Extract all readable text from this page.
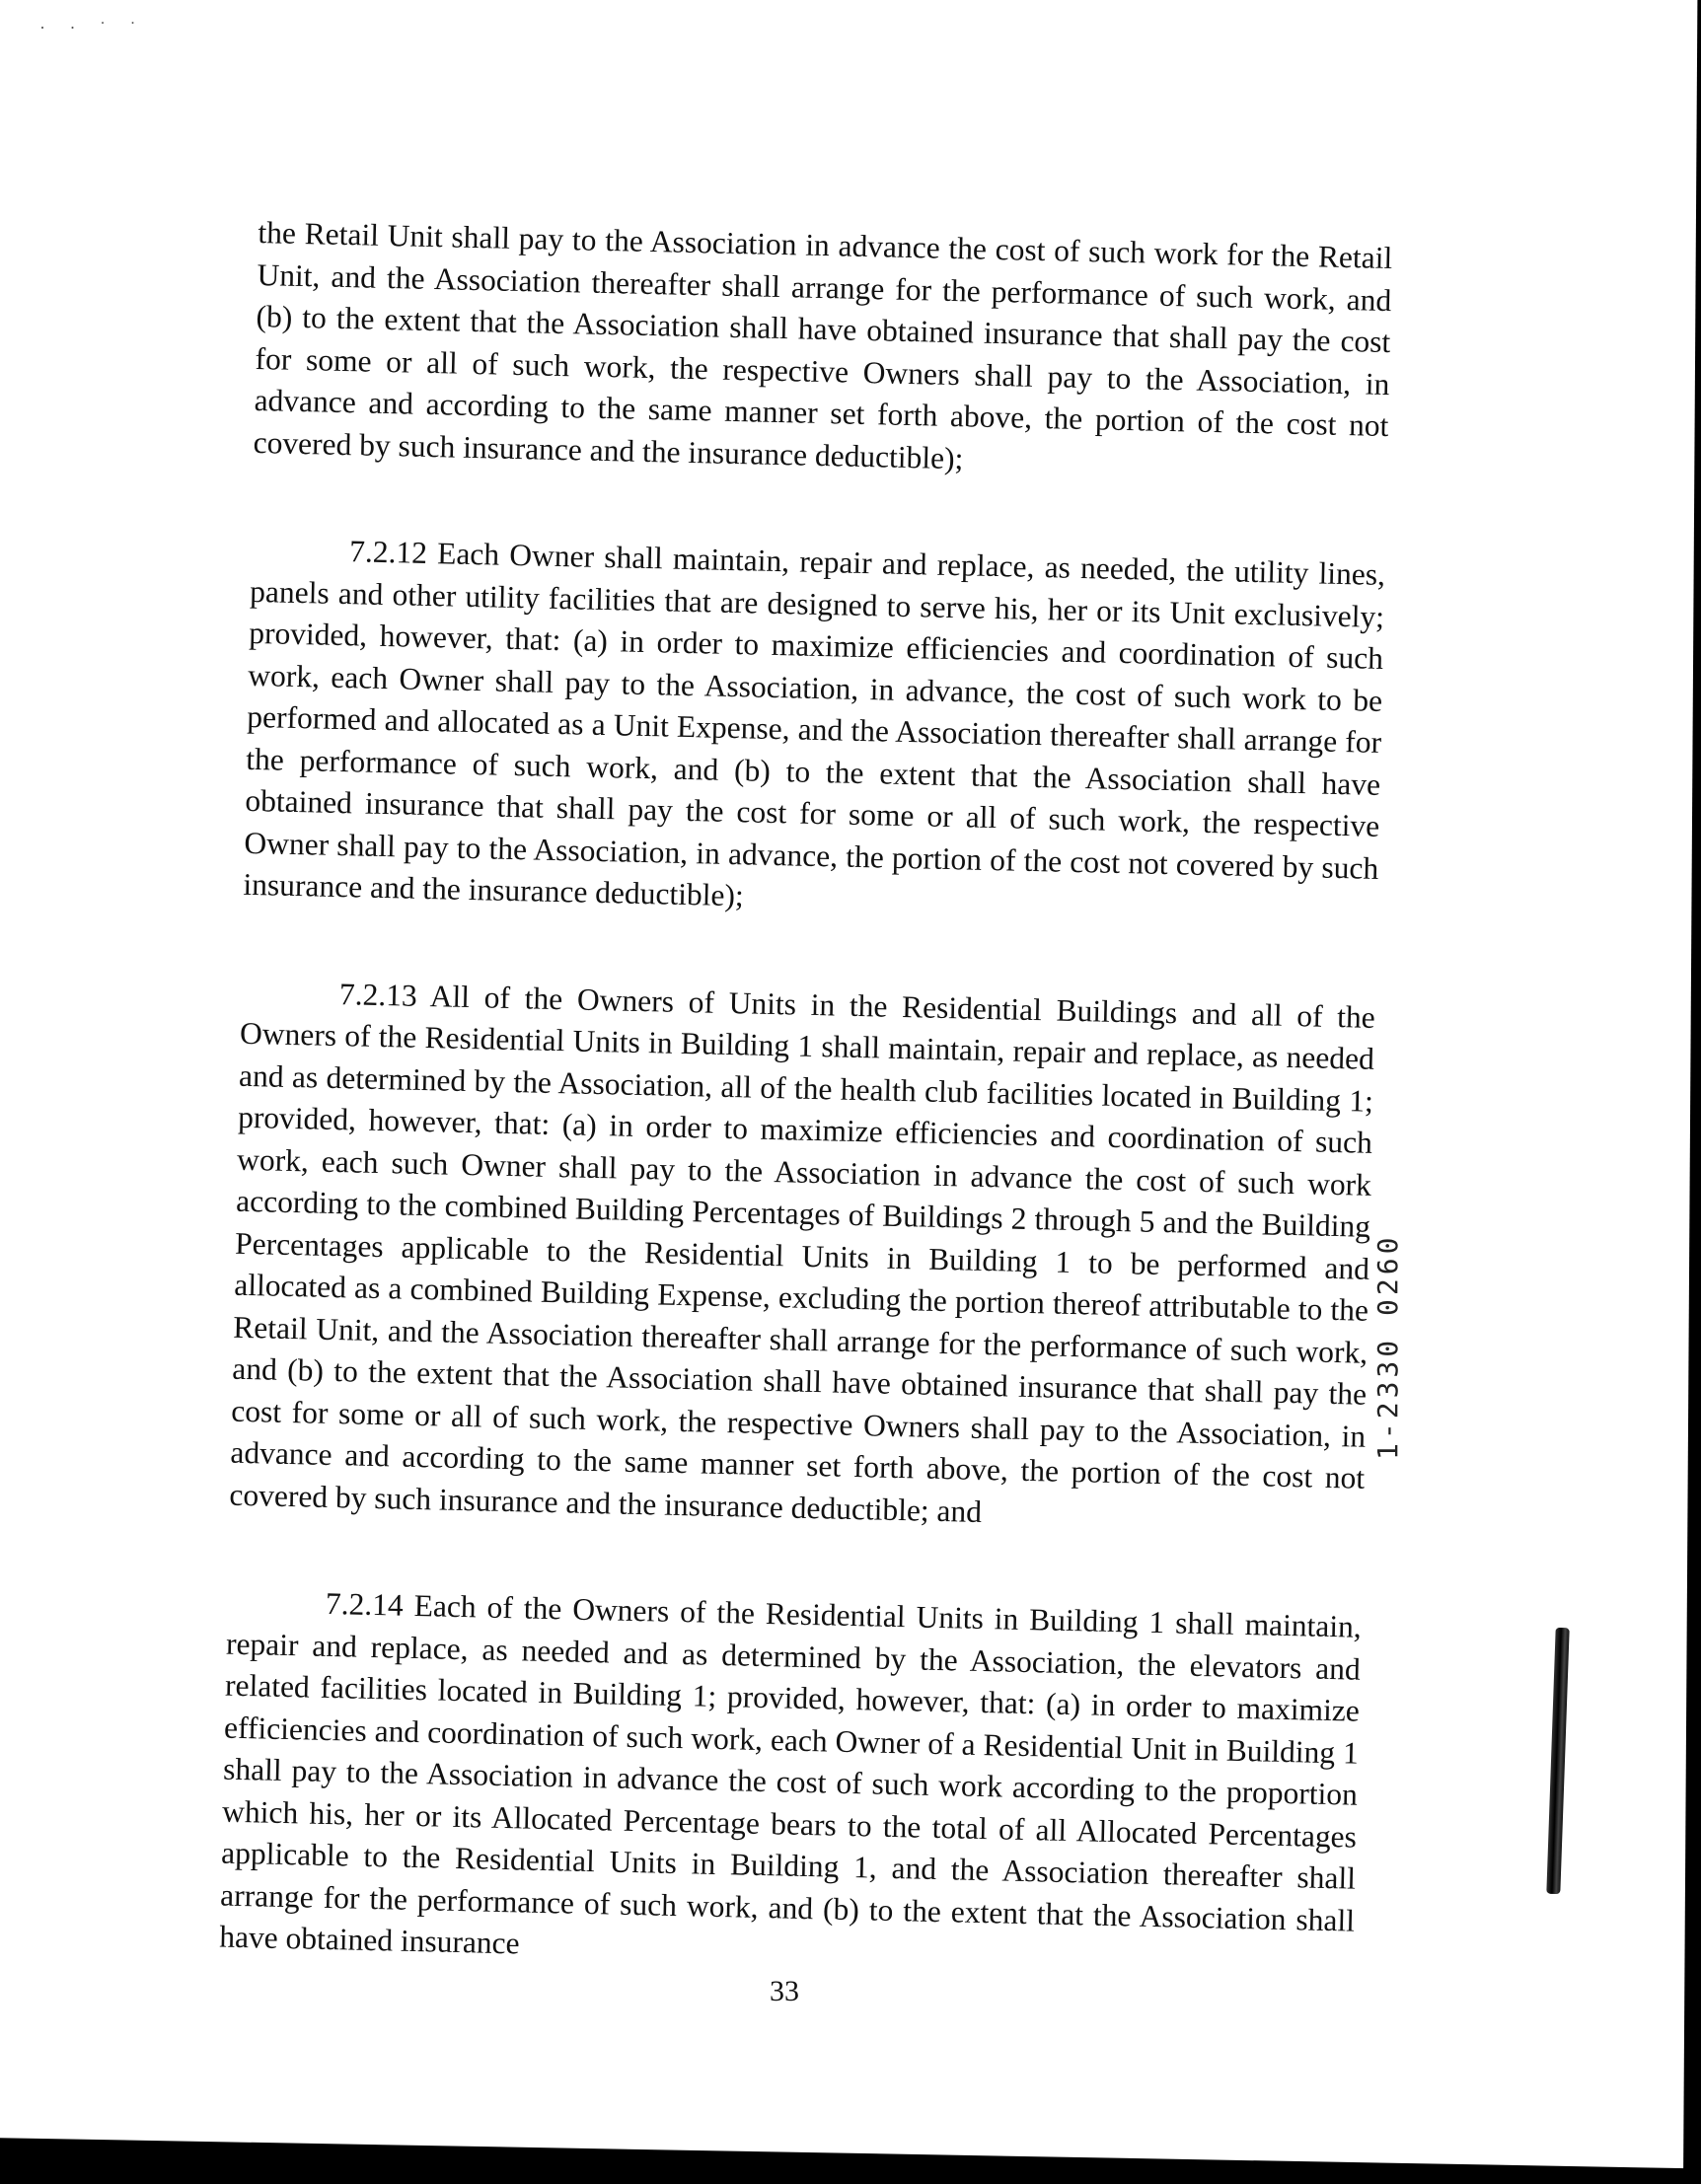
· · ˙ ˙

the Retail Unit shall pay to the Association in advance the cost of such work for the Retail Unit, and the Association thereafter shall arrange for the performance of such work, and (b) to the extent that the Association shall have obtained insurance that shall pay the cost for some or all of such work, the respective Owners shall pay to the Association, in advance and according to the same manner set forth above, the portion of the cost not covered by such insurance and the insurance deductible);

7.2.12 Each Owner shall maintain, repair and replace, as needed, the utility lines, panels and other utility facilities that are designed to serve his, her or its Unit exclusively; provided, however, that: (a) in order to maximize efficiencies and coordination of such work, each Owner shall pay to the Association, in advance, the cost of such work to be performed and allocated as a Unit Expense, and the Association thereafter shall arrange for the performance of such work, and (b) to the extent that the Association shall have obtained insurance that shall pay the cost for some or all of such work, the respective Owner shall pay to the Association, in advance, the portion of the cost not covered by such insurance and the insurance deductible);

7.2.13 All of the Owners of Units in the Residential Buildings and all of the Owners of the Residential Units in Building 1 shall maintain, repair and replace, as needed and as determined by the Association, all of the health club facilities located in Building 1; provided, however, that: (a) in order to maximize efficiencies and coordination of such work, each such Owner shall pay to the Association in advance the cost of such work according to the combined Building Percentages of Buildings 2 through 5 and the Building Percentages applicable to the Residential Units in Building 1 to be performed and allocated as a combined Building Expense, excluding the portion thereof attributable to the Retail Unit, and the Association thereafter shall arrange for the performance of such work, and (b) to the extent that the Association shall have obtained insurance that shall pay the cost for some or all of such work, the respective Owners shall pay to the Association, in advance and according to the same manner set forth above, the portion of the cost not covered by such insurance and the insurance deductible; and

7.2.14 Each of the Owners of the Residential Units in Building 1 shall maintain, repair and replace, as needed and as determined by the Association, the elevators and related facilities located in Building 1; provided, however, that: (a) in order to maximize efficiencies and coordination of such work, each Owner of a Residential Unit in Building 1 shall pay to the Association in advance the cost of such work according to the proportion which his, her or its Allocated Percentage bears to the total of all Allocated Percentages applicable to the Residential Units in Building 1, and the Association thereafter shall arrange for the performance of such work, and (b) to the extent that the Association shall have obtained insurance

33
1-2330 0260
